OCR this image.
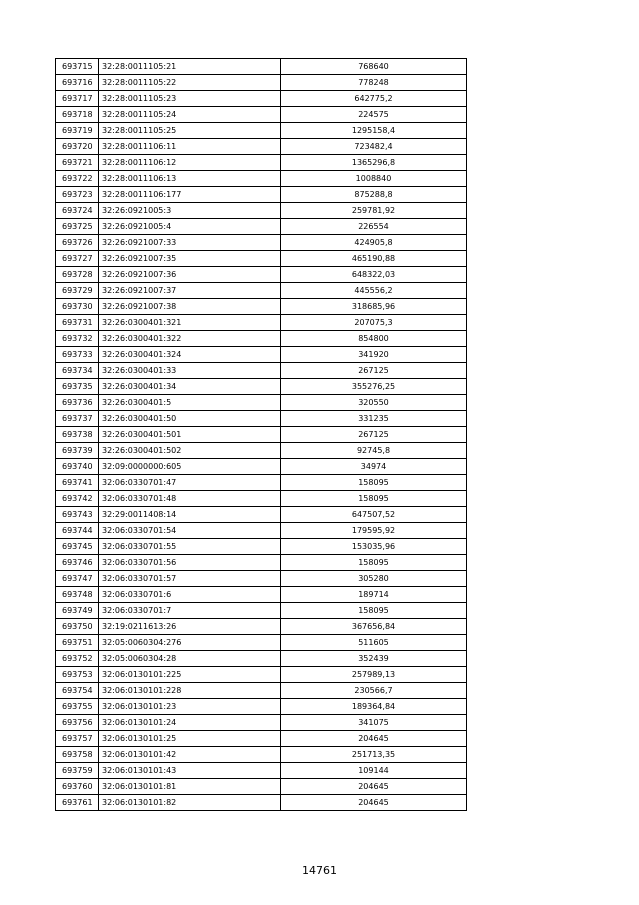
693715	32:28:0011105:21	768640
693716	32:28:0011105:22	778248
693717	32:28:0011105:23	642775,2
693718	32:28:0011105:24	224575
693719	32:28:0011105:25	1295158,4
693720	32:28:0011106:11	723482,4
693721	32:28:0011106:12	1365296,8
693722	32:28:0011106:13	1008840
693723	32:28:0011106:177	875288,8
693724	32:26:0921005:3	259781,92
693725	32:26:0921005:4	226554
693726	32:26:0921007:33	424905,8
693727	32:26:0921007:35	465190,88
693728	32:26:0921007:36	648322,03
693729	32:26:0921007:37	445556,2
693730	32:26:0921007:38	318685,96
693731	32:26:0300401:321	207075,3
693732	32:26:0300401:322	854800
693733	32:26:0300401:324	341920
693734	32:26:0300401:33	267125
693735	32:26:0300401:34	355276,25
693736	32:26:0300401:5	320550
693737	32:26:0300401:50	331235
693738	32:26:0300401:501	267125
693739	32:26:0300401:502	92745,8
693740	32:09:0000000:605	34974
693741	32:06:0330701:47	158095
693742	32:06:0330701:48	158095
693743	32:29:0011408:14	647507,52
693744	32:06:0330701:54	179595,92
693745	32:06:0330701:55	153035,96
693746	32:06:0330701:56	158095
693747	32:06:0330701:57	305280
693748	32:06:0330701:6	189714
693749	32:06:0330701:7	158095
693750	32:19:0211613:26	367656,84
693751	32:05:0060304:276	511605
693752	32:05:0060304:28	352439
693753	32:06:0130101:225	257989,13
693754	32:06:0130101:228	230566,7
693755	32:06:0130101:23	189364,84
693756	32:06:0130101:24	341075
693757	32:06:0130101:25	204645
693758	32:06:0130101:42	251713,35
693759	32:06:0130101:43	109144
693760	32:06:0130101:81	204645
693761	32:06:0130101:82	204645
14761
